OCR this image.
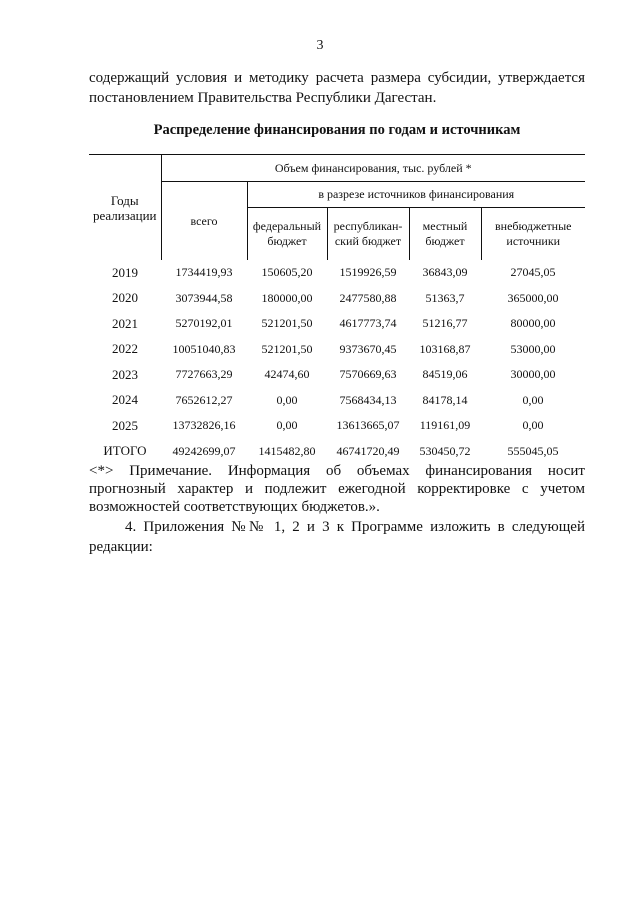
3
содержащий условия и методику расчета размера субсидии, утверждается
постановлением Правительства Республики Дагестан.
Распределение финансирования по годам и источникам
Годы реализации	Объем финансирования, тыс. рублей *				
	всего	в разрезе источников финансирования			
		федеральный бюджет	республикан-ский бюджет	местный бюджет	внебюджетные источники
2019	1734419,93	150605,20	1519926,59	36843,09	27045,05
2020	3073944,58	180000,00	2477580,88	51363,7	365000,00
2021	5270192,01	521201,50	4617773,74	51216,77	80000,00
2022	10051040,83	521201,50	9373670,45	103168,87	53000,00
2023	7727663,29	42474,60	7570669,63	84519,06	30000,00
2024	7652612,27	0,00	7568434,13	84178,14	0,00
2025	13732826,16	0,00	13613665,07	119161,09	0,00
ИТОГО	49242699,07	1415482,80	46741720,49	530450,72	555045,05
<*> Примечание. Информация об объемах финансирования носит
прогнозный характер и подлежит ежегодной корректировке с учетом
возможностей соответствующих бюджетов.».
4. Приложения №№ 1, 2 и 3 к Программе изложить в следующей
редакции:
